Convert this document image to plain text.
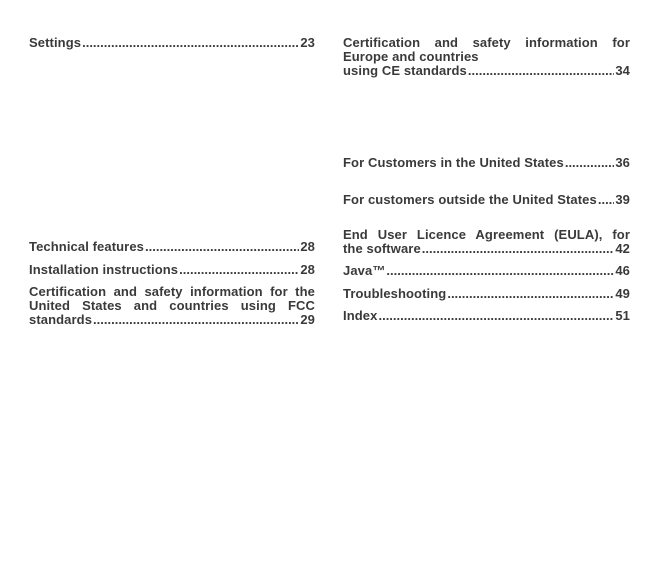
Settings .....	23
Technical features .....	28
Installation instructions .....	28
Certification and safety information for the
United States and countries using FCC
standards .....	29
Certification and safety information for
Europe and countries
using CE standards .....	34
For Customers in the United States .....	36
For customers outside the United States ..... 39
End User Licence Agreement (EULA), for
the software .....	42
Java™ .....	46
Troubleshooting .....	49
Index .....	51
